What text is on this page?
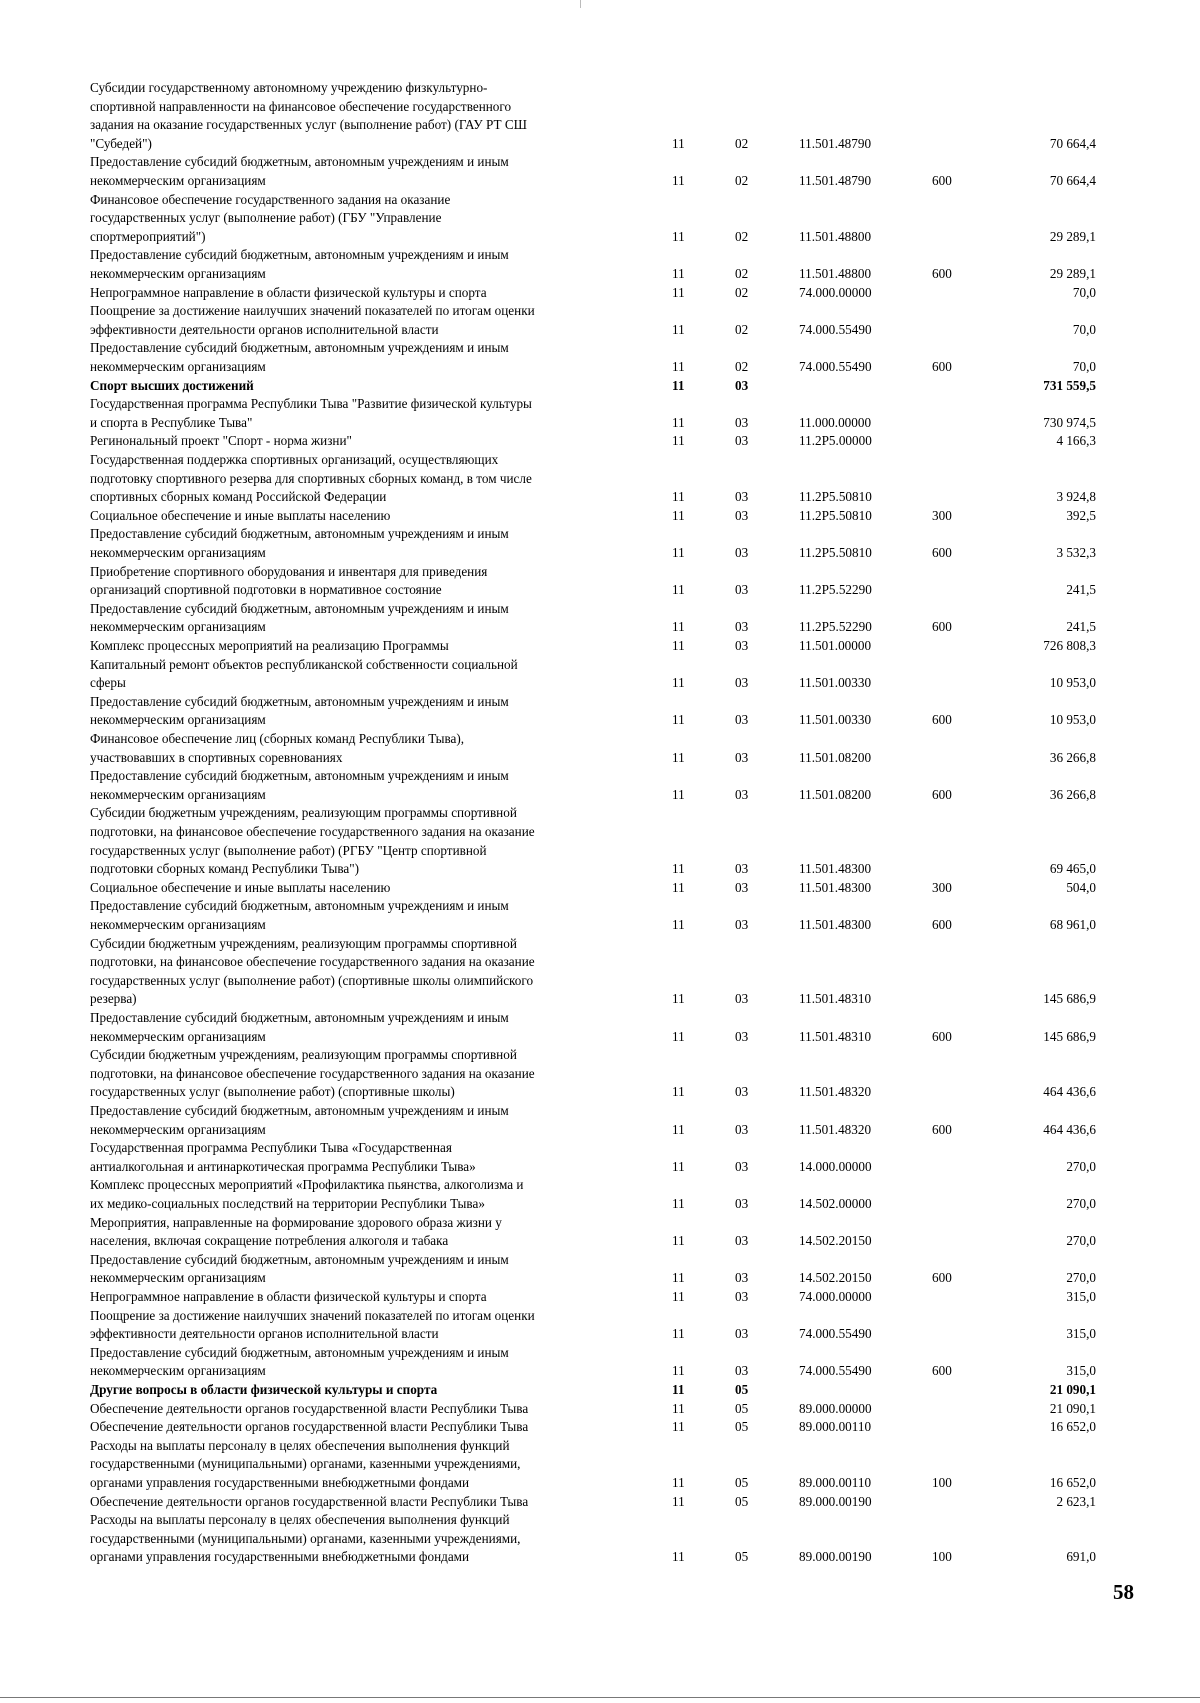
Субсидии государственному автономному учреждению физкультурно-
спортивной направленности на финансовое обеспечение государственного
задания на оказание государственных услуг (выполнение работ) (ГАУ РТ СШ
"Субедей")	11	02	11.501.48790	70 664,4
Предоставление субсидий бюджетным, автономным учреждениям и иным
некоммерческим организациям	11	02	11.501.48790	600	70 664,4
Финансовое обеспечение государственного задания на оказание
государственных услуг (выполнение работ) (ГБУ "Управление
спортмероприятий")	11	02	11.501.48800	29 289,1
Предоставление субсидий бюджетным, автономным учреждениям и иным
некоммерческим организациям	11	02	11.501.48800	600	29 289,1
Непрограммное направление в области физической культуры и спорта	11	02	74.000.00000	70,0
Поощрение за достижение наилучших значений показателей по итогам оценки
эффективности деятельности органов исполнительной власти	11	02	74.000.55490	70,0
Предоставление субсидий бюджетным, автономным учреждениям и иным
некоммерческим организациям	11	02	74.000.55490	600	70,0
Спорт высших достижений	11	03	731 559,5
Государственная программа Республики Тыва "Развитие физической культуры
и спорта в Республике Тыва"	11	03	11.000.00000	730 974,5
Регинональный проект "Спорт - норма жизни"	11	03	11.2P5.00000	4 166,3
Государственная поддержка спортивных организаций, осуществляющих
подготовку спортивного резерва для спортивных сборных команд, в том числе
спортивных сборных команд Российской Федерации	11	03	11.2P5.50810	3 924,8
Социальное обеспечение и иные выплаты населению	11	03	11.2P5.50810	300	392,5
Предоставление субсидий бюджетным, автономным учреждениям и иным
некоммерческим организациям	11	03	11.2P5.50810	600	3 532,3
Приобретение спортивного оборудования и инвентаря для приведения
организаций спортивной подготовки в нормативное состояние	11	03	11.2P5.52290	241,5
Предоставление субсидий бюджетным, автономным учреждениям и иным
некоммерческим организациям	11	03	11.2P5.52290	600	241,5
Комплекс процессных мероприятий на реализацию Программы	11	03	11.501.00000	726 808,3
Капитальный ремонт объектов республиканской собственности социальной
сферы	11	03	11.501.00330	10 953,0
Предоставление субсидий бюджетным, автономным учреждениям и иным
некоммерческим организациям	11	03	11.501.00330	600	10 953,0
Финансовое обеспечение лиц (сборных команд Республики Тыва),
участвовавших в спортивных соревнованиях	11	03	11.501.08200	36 266,8
Предоставление субсидий бюджетным, автономным учреждениям и иным
некоммерческим организациям	11	03	11.501.08200	600	36 266,8
Субсидии бюджетным учреждениям, реализующим программы спортивной
подготовки, на финансовое обеспечение государственного задания на оказание
государственных услуг (выполнение работ) (РГБУ "Центр спортивной
подготовки сборных команд Республики Тыва")	11	03	11.501.48300	69 465,0
Социальное обеспечение и иные выплаты населению	11	03	11.501.48300	300	504,0
Предоставление субсидий бюджетным, автономным учреждениям и иным
некоммерческим организациям	11	03	11.501.48300	600	68 961,0
Субсидии бюджетным учреждениям, реализующим программы спортивной
подготовки, на финансовое обеспечение государственного задания на оказание
государственных услуг (выполнение работ) (спортивные школы олимпийского
резерва)	11	03	11.501.48310	145 686,9
Предоставление субсидий бюджетным, автономным учреждениям и иным
некоммерческим организациям	11	03	11.501.48310	600	145 686,9
Субсидии бюджетным учреждениям, реализующим программы спортивной
подготовки, на финансовое обеспечение государственного задания на оказание
государственных услуг (выполнение работ) (спортивные школы)	11	03	11.501.48320	464 436,6
Предоставление субсидий бюджетным, автономным учреждениям и иным
некоммерческим организациям	11	03	11.501.48320	600	464 436,6
Государственная программа Республики Тыва «Государственная
антиалкогольная и антинаркотическая программа Республики Тыва»	11	03	14.000.00000	270,0
Комплекс процессных мероприятий «Профилактика пьянства, алкоголизма и
их медико-социальных последствий на территории Республики Тыва»	11	03	14.502.00000	270,0
Мероприятия, направленные на формирование здорового образа жизни у
населения, включая сокращение потребления алкоголя и табака	11	03	14.502.20150	270,0
Предоставление субсидий бюджетным, автономным учреждениям и иным
некоммерческим организациям	11	03	14.502.20150	600	270,0
Непрограммное направление в области физической культуры и спорта	11	03	74.000.00000	315,0
Поощрение за достижение наилучших значений показателей по итогам оценки
эффективности деятельности органов исполнительной власти	11	03	74.000.55490	315,0
Предоставление субсидий бюджетным, автономным учреждениям и иным
некоммерческим организациям	11	03	74.000.55490	600	315,0
Другие вопросы в области физической культуры и спорта	11	05	21 090,1
Обеспечение деятельности органов государственной власти Республики Тыва	11	05	89.000.00000	21 090,1
Обеспечение деятельности органов государственной власти Республики Тыва	11	05	89.000.00110	16 652,0
Расходы на выплаты персоналу в целях обеспечения выполнения функций
государственными (муниципальными) органами, казенными учреждениями,
органами управления государственными внебюджетными фондами	11	05	89.000.00110	100	16 652,0
Обеспечение деятельности органов государственной власти Республики Тыва	11	05	89.000.00190	2 623,1
Расходы на выплаты персоналу в целях обеспечения выполнения функций
государственными (муниципальными) органами, казенными учреждениями,
органами управления государственными внебюджетными фондами	11	05	89.000.00190	100	691,0
58
